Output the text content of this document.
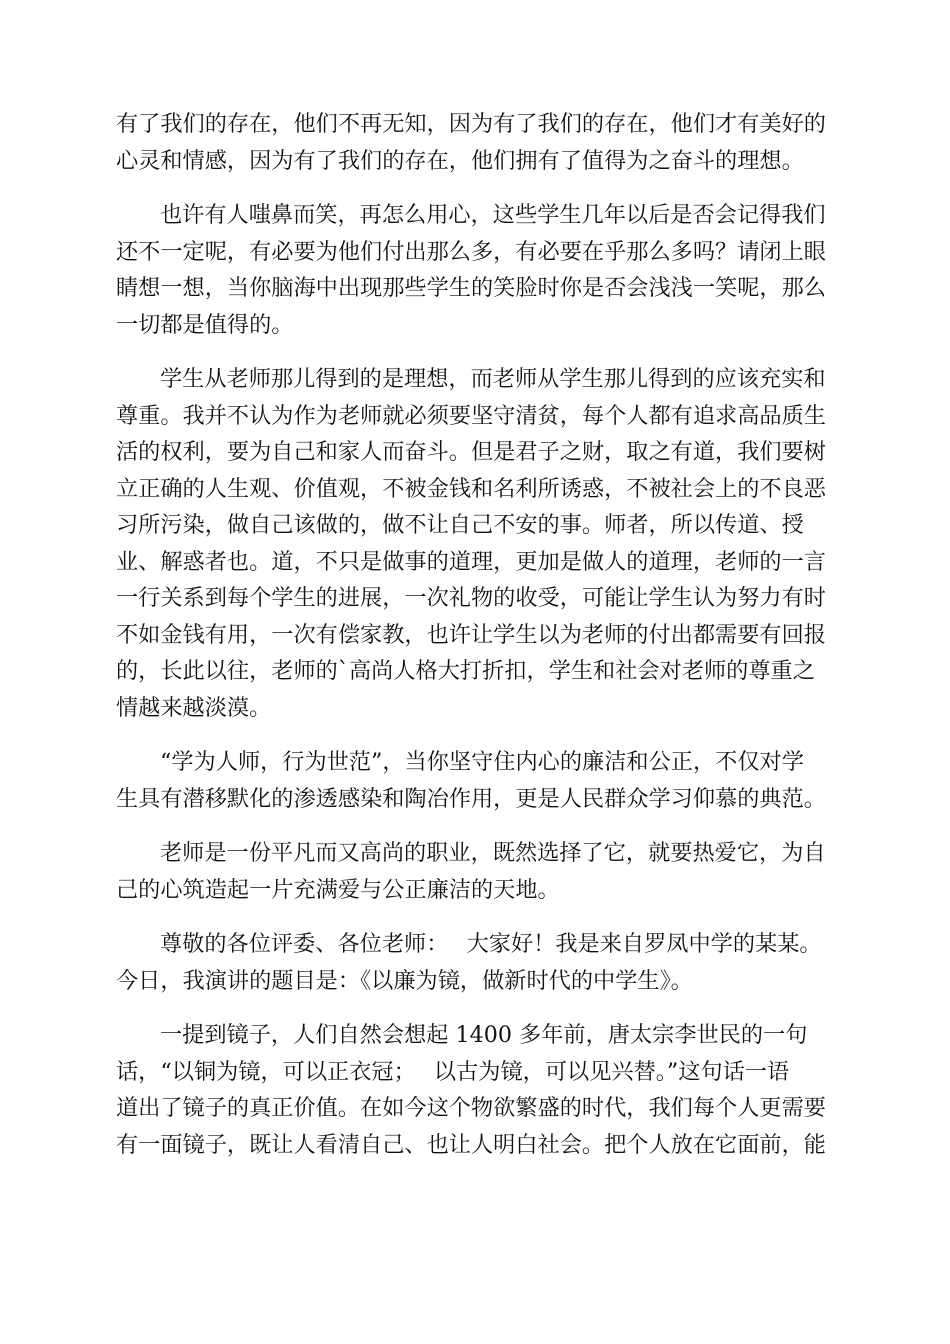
有了我们的存在，他们不再无知，因为有了我们的存在，他们才有美好的
心灵和情感，因为有了我们的存在，他们拥有了值得为之奋斗的理想。

也许有人嗤鼻而笑，再怎么用心，这些学生几年以后是否会记得我们
还不一定呢，有必要为他们付出那么多，有必要在乎那么多吗？请闭上眼
睛想一想，当你脑海中出现那些学生的笑脸时你是否会浅浅一笑呢，那么
一切都是值得的。

学生从老师那儿得到的是理想，而老师从学生那儿得到的应该充实和
尊重。我并不认为作为老师就必须要坚守清贫，每个人都有追求高品质生
活的权利，要为自己和家人而奋斗。但是君子之财，取之有道，我们要树
立正确的人生观、价值观，不被金钱和名利所诱惑，不被社会上的不良恶
习所污染，做自己该做的，做不让自己不安的事。师者，所以传道、授
业、解惑者也。道，不只是做事的道理，更加是做人的道理，老师的一言
一行关系到每个学生的进展，一次礼物的收受，可能让学生认为努力有时
不如金钱有用，一次有偿家教，也许让学生以为老师的付出都需要有回报
的，长此以往，老师的`高尚人格大打折扣，学生和社会对老师的尊重之
情越来越淡漠。

“学为人师，行为世范”，当你坚守住内心的廉洁和公正，不仅对学
生具有潜移默化的渗透感染和陶冶作用，更是人民群众学习仰慕的典范。

老师是一份平凡而又高尚的职业，既然选择了它，就要热爱它，为自
己的心筑造起一片充满爱与公正廉洁的天地。

尊敬的各位评委、各位老师：　 大家好！我是来自罗凤中学的某某。
今日，我演讲的题目是：《以廉为镜，做新时代的中学生》。

一提到镜子，人们自然会想起 1400 多年前，唐太宗李世民的一句
话，“以铜为镜，可以正衣冠；　 以古为镜，可以见兴替。”这句话一语
道出了镜子的真正价值。在如今这个物欲繁盛的时代，我们每个人更需要
有一面镜子，既让人看清自己、也让人明白社会。把个人放在它面前，能
